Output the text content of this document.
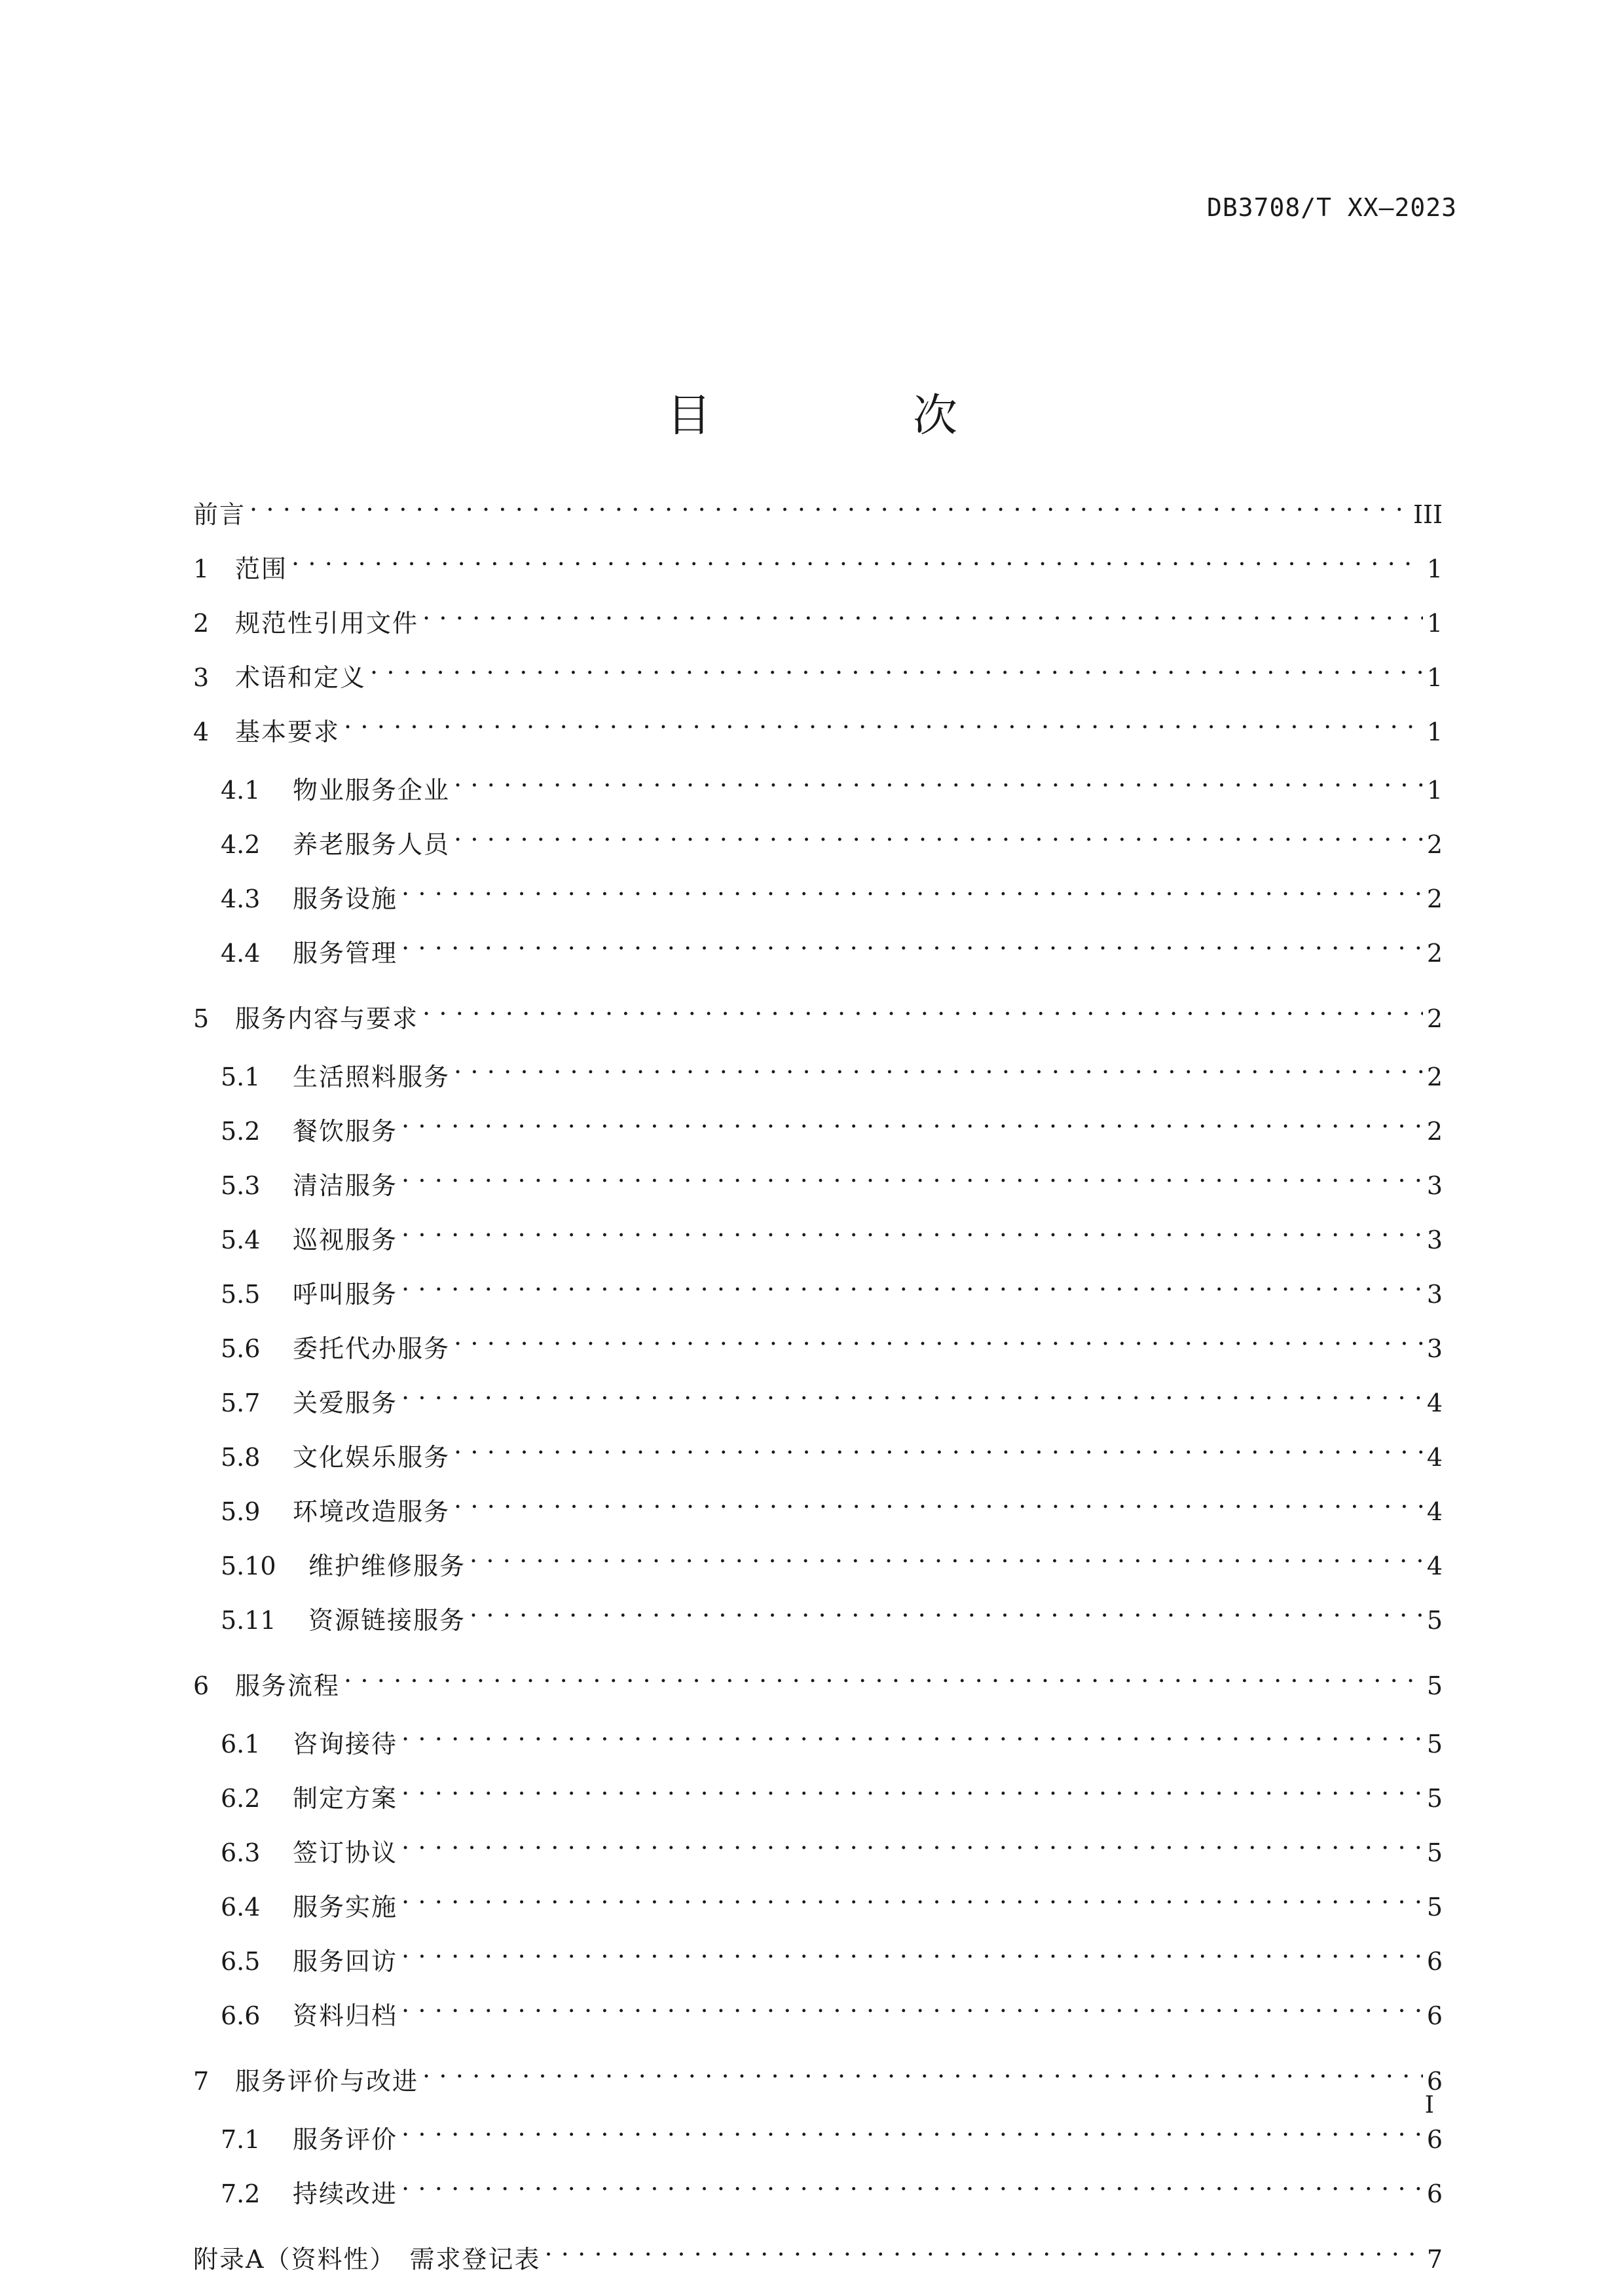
DB3708/T XX—2023
目　次
前言 . . .	III
1	范围 . . .	1
2	规范性引用文件 . . .	1
3	术语和定义 . . .	1
4	基本要求 . . .	1
4.1	物业服务企业 . . .	1
4.2	养老服务人员 . . .	2
4.3	服务设施 . . .	2
4.4	服务管理 . . .	2
5	服务内容与要求 . . .	2
5.1	生活照料服务 . . .	2
5.2	餐饮服务 . . .	2
5.3	清洁服务 . . .	3
5.4	巡视服务 . . .	3
5.5	呼叫服务 . . .	3
5.6	委托代办服务 . . .	3
5.7	关爱服务 . . .	4
5.8	文化娱乐服务 . . .	4
5.9	环境改造服务 . . .	4
5.10	维护维修服务 . . .	4
5.11	资源链接服务 . . .	5
6	服务流程 . . .	5
6.1	咨询接待 . . .	5
6.2	制定方案 . . .	5
6.3	签订协议 . . .	5
6.4	服务实施 . . .	5
6.5	服务回访 . . .	6
6.6	资料归档 . . .	6
7	服务评价与改进 . . .	6
7.1	服务评价 . . .	6
7.2	持续改进 . . .	6
附录A（资料性）　需求登记表 . . .	7
I
